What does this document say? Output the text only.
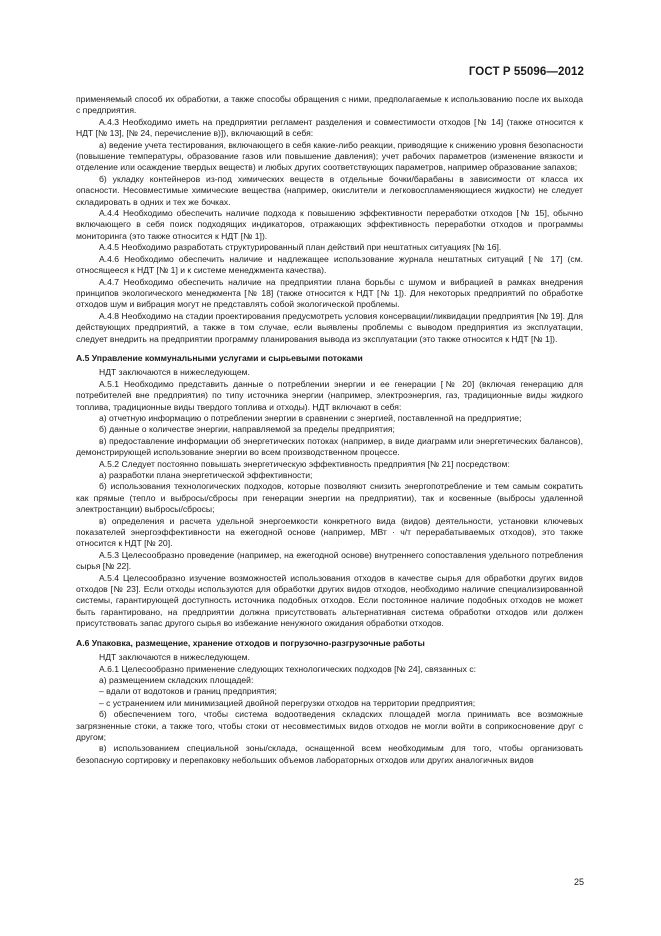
ГОСТ Р 55096—2012

применяемый способ их обработки, а также способы обращения с ними, предполагаемые к использованию после их выхода с предприятия.

А.4.3 Необходимо иметь на предприятии регламент разделения и совместимости отходов [№ 14] (также относится к НДТ [№ 13], [№ 24, перечисление в)]), включающий в себя:

а) ведение учета тестирования, включающего в себя какие-либо реакции, приводящие к снижению уровня безопасности (повышение температуры, образование газов или повышение давления); учет рабочих параметров (изменение вязкости и отделение или осаждение твердых веществ) и любых других соответствующих параметров, например образование запахов;

б) укладку контейнеров из-под химических веществ в отдельные бочки/барабаны в зависимости от класса их опасности. Несовместимые химические вещества (например, окислители и легковоспламеняющиеся жидкости) не следует складировать в одних и тех же бочках.

А.4.4 Необходимо обеспечить наличие подхода к повышению эффективности переработки отходов [№ 15], обычно включающего в себя поиск подходящих индикаторов, отражающих эффективность переработки отходов и программы мониторинга (это также относится к НДТ [№ 1]).

А.4.5 Необходимо разработать структурированный план действий при нештатных ситуациях [№ 16].

А.4.6 Необходимо обеспечить наличие и надлежащее использование журнала нештатных ситуаций [№ 17] (см. относящееся к НДТ [№ 1] и к системе менеджмента качества).

А.4.7 Необходимо обеспечить наличие на предприятии плана борьбы с шумом и вибрацией в рамках внедрения принципов экологического менеджмента [№ 18] (также относится к НДТ [№ 1]). Для некоторых предприятий по обработке отходов шум и вибрация могут не представлять собой экологической проблемы.

А.4.8 Необходимо на стадии проектирования предусмотреть условия консервации/ликвидации предприятия [№ 19]. Для действующих предприятий, а также в том случае, если выявлены проблемы с выводом предприятия из эксплуатации, следует внедрить на предприятии программу планирования вывода из эксплуатации (это также относится к НДТ [№ 1]).

А.5 Управление коммунальными услугами и сырьевыми потоками

НДТ заключаются в нижеследующем.

А.5.1 Необходимо представить данные о потреблении энергии и ее генерации [№ 20] (включая генерацию для потребителей вне предприятия) по типу источника энергии (например, электроэнергия, газ, традиционные виды жидкого топлива, традиционные виды твердого топлива и отходы). НДТ включают в себя:

а) отчетную информацию о потреблении энергии в сравнении с энергией, поставленной на предприятие;

б) данные о количестве энергии, направляемой за пределы предприятия;

в) предоставление информации об энергетических потоках (например, в виде диаграмм или энергетических балансов), демонстрирующей использование энергии во всем производственном процессе.

А.5.2 Следует постоянно повышать энергетическую эффективность предприятия [№ 21] посредством:

а) разработки плана энергетической эффективности;

б) использования технологических подходов, которые позволяют снизить энергопотребление и тем самым сократить как прямые (тепло и выбросы/сбросы при генерации энергии на предприятии), так и косвенные (выбросы удаленной электростанции) выбросы/сбросы;

в) определения и расчета удельной энергоемкости конкретного вида (видов) деятельности, установки ключевых показателей энергоэффективности на ежегодной основе (например, МВт · ч/т перерабатываемых отходов), это также относится к НДТ [№ 20].

А.5.3 Целесообразно проведение (например, на ежегодной основе) внутреннего сопоставления удельного потребления сырья [№ 22].

А.5.4 Целесообразно изучение возможностей использования отходов в качестве сырья для обработки других видов отходов [№ 23]. Если отходы используются для обработки других видов отходов, необходимо наличие специализированной системы, гарантирующей доступность источника подобных отходов. Если постоянное наличие подобных отходов не может быть гарантировано, на предприятии должна присутствовать альтернативная система обработки отходов или должен присутствовать запас другого сырья во избежание ненужного ожидания обработки отходов.

А.6 Упаковка, размещение, хранение отходов и погрузочно-разгрузочные работы

НДТ заключаются в нижеследующем.

А.6.1 Целесообразно применение следующих технологических подходов [№ 24], связанных с:

а) размещением складских площадей:

– вдали от водотоков и границ предприятия;

– с устранением или минимизацией двойной перегрузки отходов на территории предприятия;

б) обеспечением того, чтобы система водоотведения складских площадей могла принимать все возможные загрязненные стоки, а также того, чтобы стоки от несовместимых видов отходов не могли войти в соприкосновение друг с другом;

в) использованием специальной зоны/склада, оснащенной всем необходимым для того, чтобы организовать безопасную сортировку и перепаковку небольших объемов лабораторных отходов или других аналогичных видов

25
